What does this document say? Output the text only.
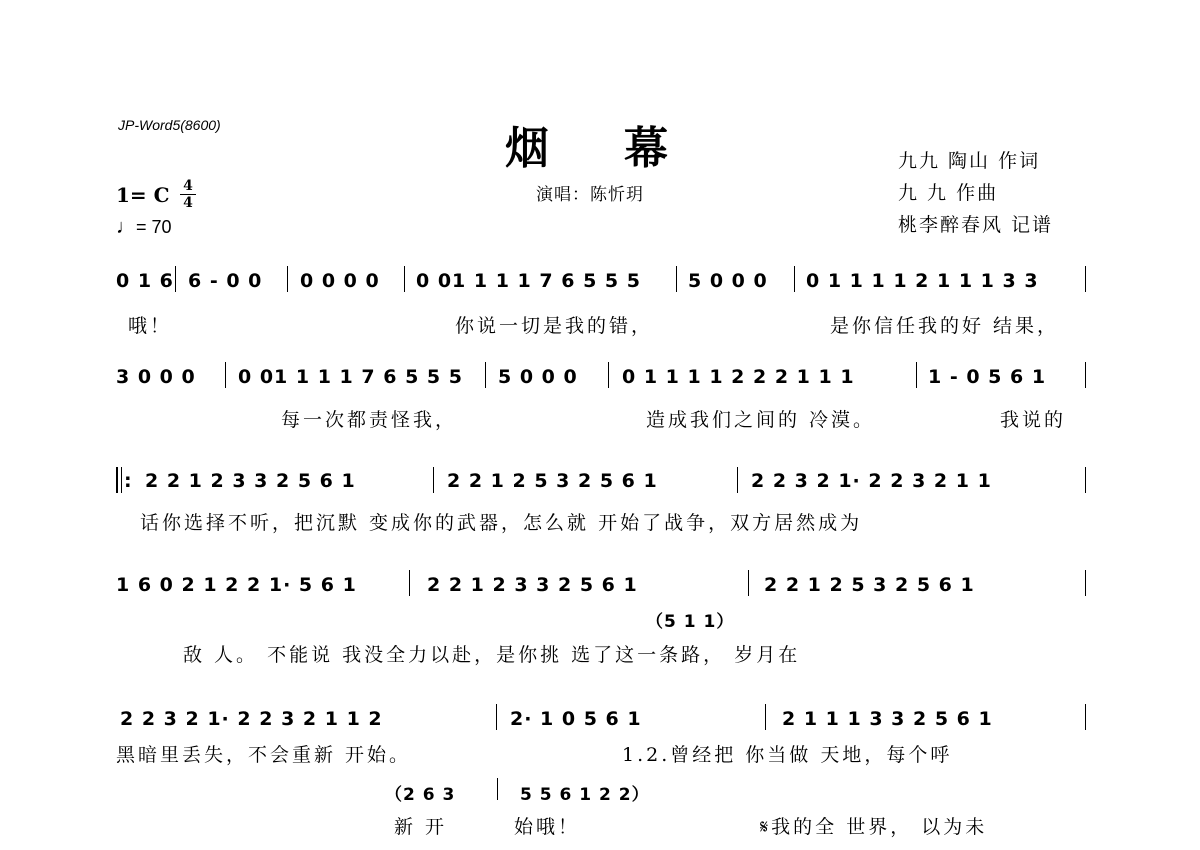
JP-Word5(8600)	烟幕
演唱：陈忻玥
九九 陶山 作词
九 九 作曲
桃李醉春风 记谱
1= C 4
4
♩= 70
0 1 6 6 - 0 0 0 0 0 0 0 01 1 1 1 7 6 5 5 5 5 0 0 0 0 1 1 1 1 2 1 1 1 3 3
哦！	你说一切是我的错，	是你信任我的好 结果，
3 0 0 0 0 01 1 1 1 7 6 5 5 5 5 0 0 0 0 1 1 1 1 2 2 2 1 1 1	1 - 0 5 6 1
每一次都责怪我，	造成我们之间的 冷漠。	我说的
: 2 2 1 2 3 3 2 5 6 1	2 2 1 2 5 3 2 5 6 1	2 2 3 2 1· 2 2 3 2 1 1
话你选择不听，把沉默 变成你的武器，怎么就 开始了战争，双方居然成为
1 6 0 2 1 2 2 1· 5 6 1	2 2 1 2 3 3 2 5 6 1	2 2 1 2 5 3 2 5 6 1
（5 1 1）
敌 人。 不能说 我没全力以赴，是你挑 选了这一条路， 岁月在
2 2 3 2 1· 2 2 3 2 1 1 2	2· 1 0 5 6 1	2 1 1 1 3 3 2 5 6 1
黑暗里丢失，不会重新 开始。	1.2.曾经把 你当做 天地，每个呼
（2 6 3	5 5 6 1 2 2）
新 开	始哦！	𝄋我的全 世界， 以为未
